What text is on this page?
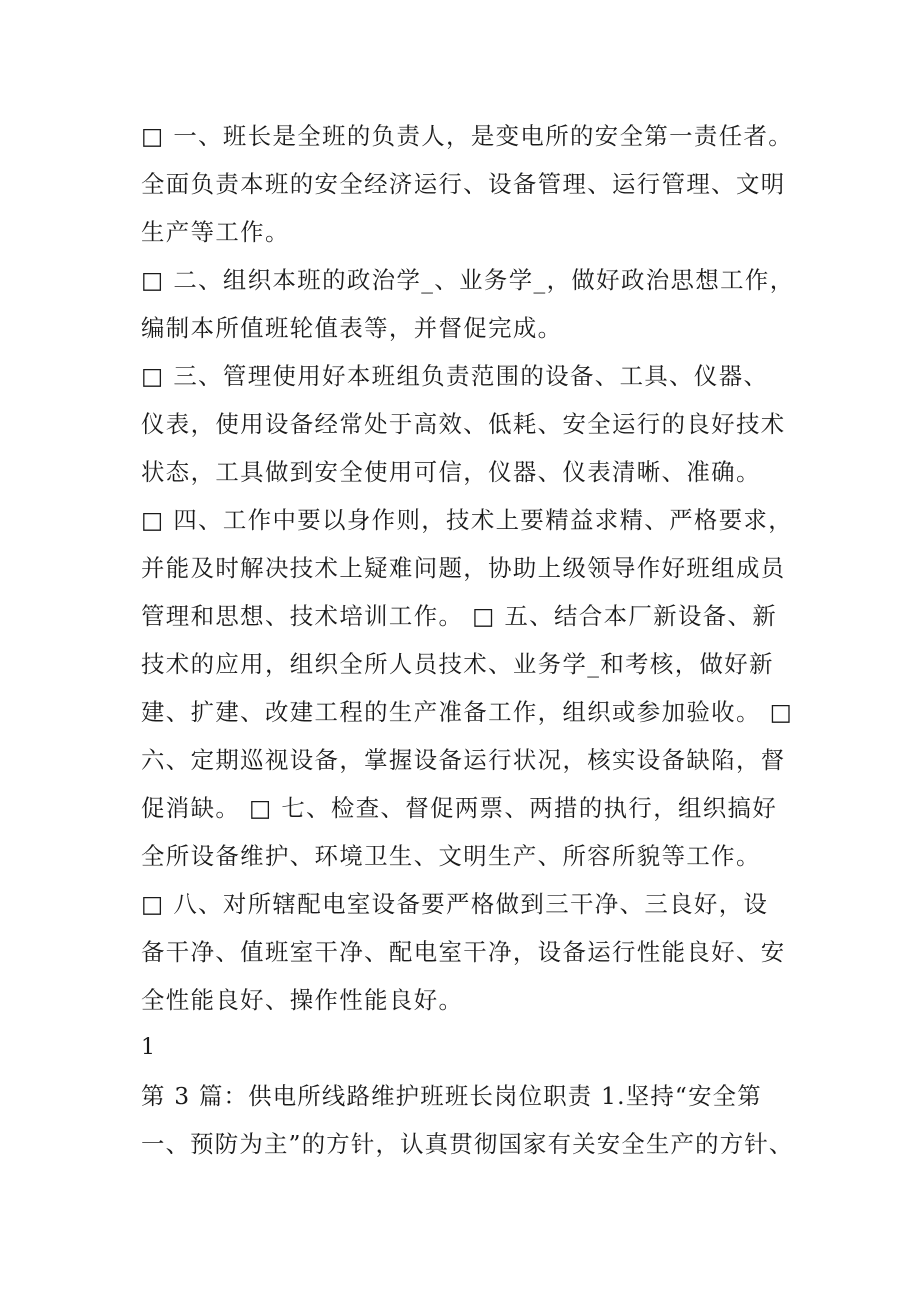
□ 一、班长是全班的负责人，是变电所的安全第一责任者。
全面负责本班的安全经济运行、设备管理、运行管理、文明
生产等工作。
□ 二、组织本班的政治学_、业务学_，做好政治思想工作，
编制本所值班轮值表等，并督促完成。
□ 三、管理使用好本班组负责范围的设备、工具、仪器、
仪表，使用设备经常处于高效、低耗、安全运行的良好技术
状态，工具做到安全使用可信，仪器、仪表清晰、准确。
□ 四、工作中要以身作则，技术上要精益求精、严格要求，
并能及时解决技术上疑难问题，协助上级领导作好班组成员
管理和思想、技术培训工作。 □ 五、结合本厂新设备、新
技术的应用，组织全所人员技术、业务学_和考核，做好新
建、扩建、改建工程的生产准备工作，组织或参加验收。 □
六、定期巡视设备，掌握设备运行状况，核实设备缺陷，督
促消缺。 □ 七、检查、督促两票、两措的执行，组织搞好
全所设备维护、环境卫生、文明生产、所容所貌等工作。
□ 八、对所辖配电室设备要严格做到三干净、三良好，设
备干净、值班室干净、配电室干净，设备运行性能良好、安
全性能良好、操作性能良好。
1
第 3 篇：供电所线路维护班班长岗位职责 1.坚持“安全第
一、预防为主”的方针，认真贯彻国家有关安全生产的方针、
